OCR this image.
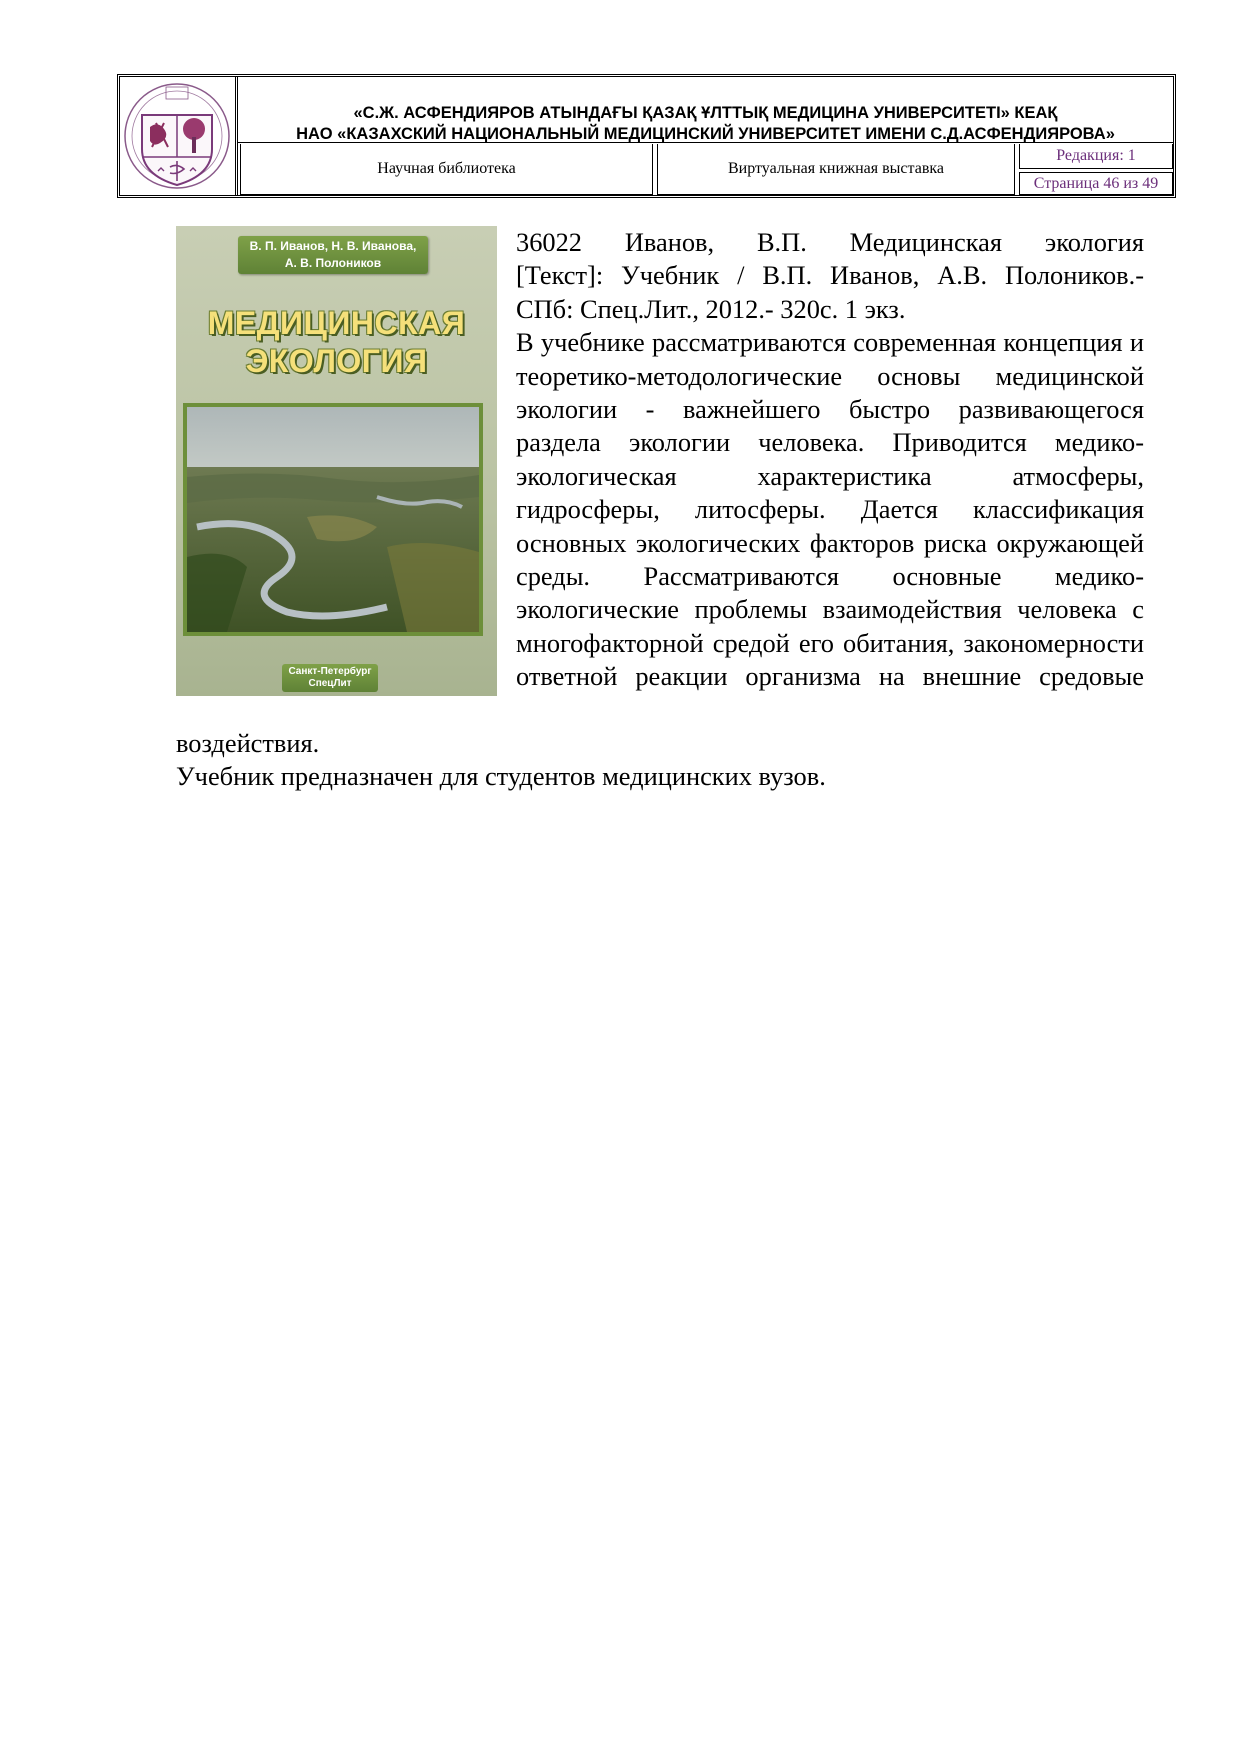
«С.Ж. АСФЕНДИЯРОВ АТЫНДАҒЫ ҚАЗАҚ ҰЛТТЫҚ МЕДИЦИНА УНИВЕРСИТЕТІ» КЕАҚ
НАО «КАЗАХСКИЙ НАЦИОНАЛЬНЫЙ МЕДИЦИНСКИЙ УНИВЕРСИТЕТ ИМЕНИ С.Д.АСФЕНДИЯРОВА»
Научная библиотека	Виртуальная книжная выставка
Редакция: 1
Страница 46 из 49
В. П. Иванов, Н. В. Иванова,
А. В. Полоников
МЕДИЦИНСКАЯ
ЭКОЛОГИЯ
Санкт-Петербург
СпецЛит

36022 Иванов, В.П. Медицинская экология

[Текст]: Учебник / В.П. Иванов, А.В. Полоников.-

СПб: Спец.Лит., 2012.- 320с. 1 экз.

В учебнике рассматриваются современная концепция и теоретико-методологические основы медицинской экологии - важнейшего быстро развивающегося раздела экологии человека. Приводится медико-экологическая характеристика атмосферы, гидросферы, литосферы. Дается классификация основных экологических факторов риска окружающей среды. Рассматриваются основные медико-экологические проблемы взаимодействия человека с многофакторной средой его обитания, закономерности ответной реакции организма на внешние средовые

воздействия.
Учебник предназначен для студентов медицинских вузов.
